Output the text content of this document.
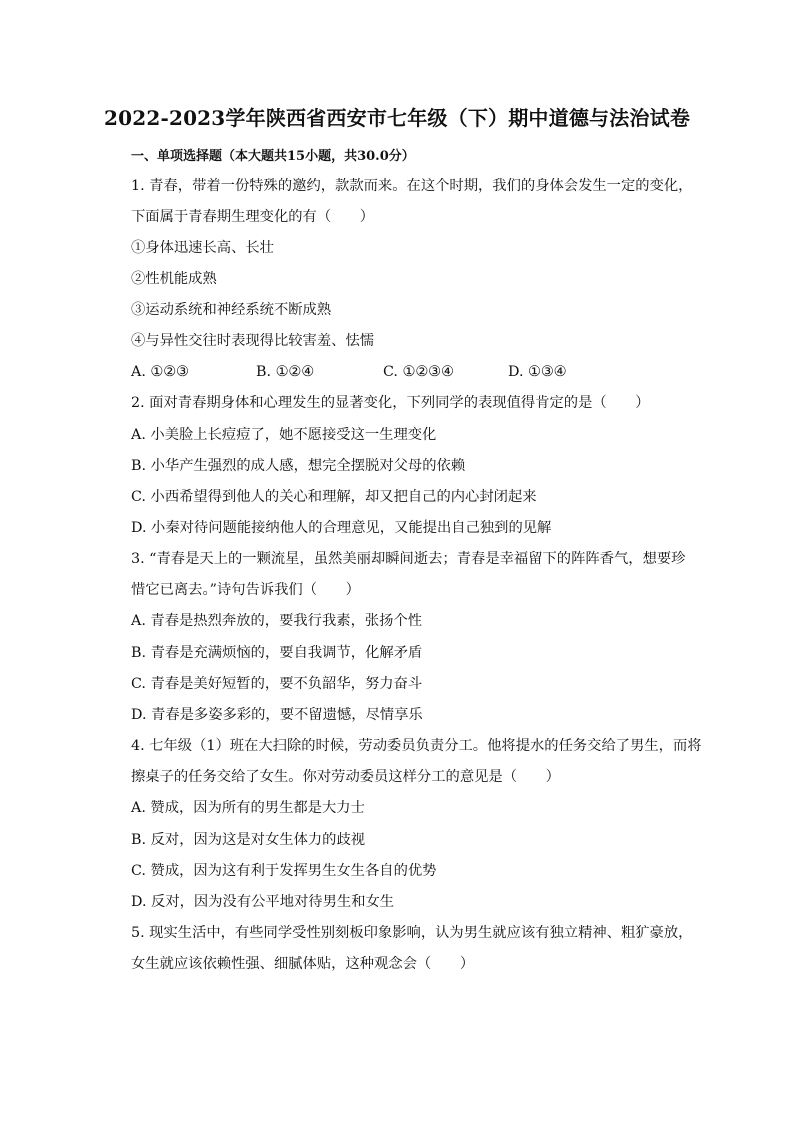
2022-2023学年陕西省西安市七年级（下）期中道德与法治试卷
一、单项选择题（本大题共15小题，共30.0分）
1. 青春，带着一份特殊的邀约，款款而来。在这个时期，我们的身体会发生一定的变化，
下面属于青春期生理变化的有（　　）
①身体迅速长高、长壮
②性机能成熟
③运动系统和神经系统不断成熟
④与异性交往时表现得比较害羞、怯懦
A. ①②③	B. ①②④	C. ①②③④	D. ①③④
2. 面对青春期身体和心理发生的显著变化，下列同学的表现值得肯定的是（　　）
A. 小美脸上长痘痘了，她不愿接受这一生理变化
B. 小华产生强烈的成人感，想完全摆脱对父母的依赖
C. 小西希望得到他人的关心和理解，却又把自己的内心封闭起来
D. 小秦对待问题能接纳他人的合理意见，又能提出自己独到的见解
3. “青春是天上的一颗流星，虽然美丽却瞬间逝去；青春是幸福留下的阵阵香气，想要珍
惜它已离去。”诗句告诉我们（　　）
A. 青春是热烈奔放的，要我行我素，张扬个性
B. 青春是充满烦恼的，要自我调节，化解矛盾
C. 青春是美好短暂的，要不负韶华，努力奋斗
D. 青春是多姿多彩的，要不留遗憾，尽情享乐
4. 七年级（1）班在大扫除的时候，劳动委员负责分工。他将提水的任务交给了男生，而将
擦桌子的任务交给了女生。你对劳动委员这样分工的意见是（　　）
A. 赞成，因为所有的男生都是大力士
B. 反对，因为这是对女生体力的歧视
C. 赞成，因为这有利于发挥男生女生各自的优势
D. 反对，因为没有公平地对待男生和女生
5. 现实生活中，有些同学受性别刻板印象影响，认为男生就应该有独立精神、粗犷豪放，
女生就应该依赖性强、细腻体贴，这种观念会（　　）
